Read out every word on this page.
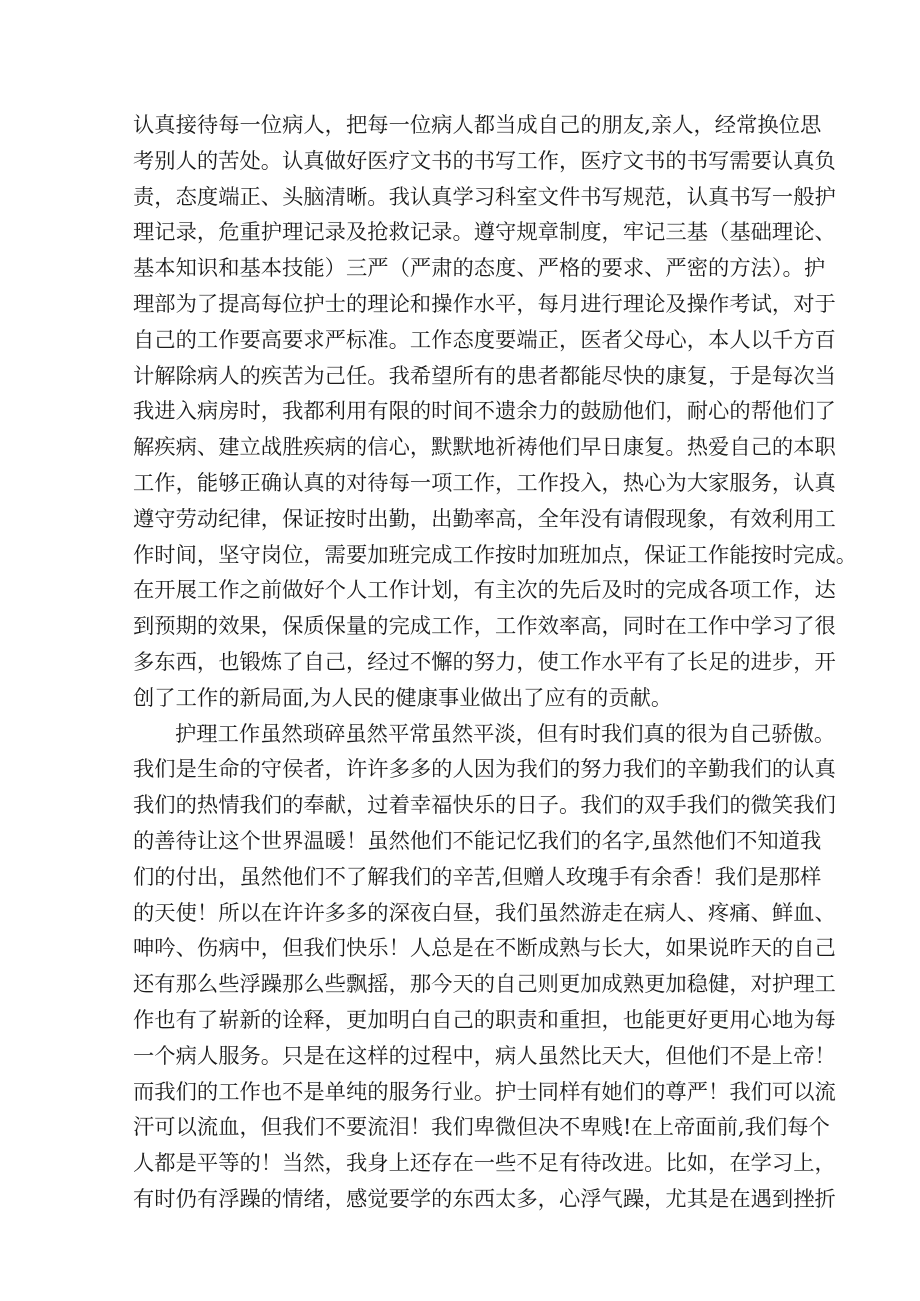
认真接待每一位病人，把每一位病人都当成自己的朋友,亲人，经常换位思
考别人的苦处。认真做好医疗文书的书写工作，医疗文书的书写需要认真负
责，态度端正、头脑清晰。我认真学习科室文件书写规范，认真书写一般护
理记录，危重护理记录及抢救记录。遵守规章制度，牢记三基（基础理论、
基本知识和基本技能）三严（严肃的态度、严格的要求、严密的方法）。护
理部为了提高每位护士的理论和操作水平，每月进行理论及操作考试，对于
自己的工作要高要求严标准。工作态度要端正，医者父母心，本人以千方百
计解除病人的疾苦为己任。我希望所有的患者都能尽快的康复，于是每次当
我进入病房时，我都利用有限的时间不遗余力的鼓励他们，耐心的帮他们了
解疾病、建立战胜疾病的信心，默默地祈祷他们早日康复。热爱自己的本职
工作，能够正确认真的对待每一项工作，工作投入，热心为大家服务，认真
遵守劳动纪律，保证按时出勤，出勤率高，全年没有请假现象，有效利用工
作时间，坚守岗位，需要加班完成工作按时加班加点，保证工作能按时完成。
在开展工作之前做好个人工作计划，有主次的先后及时的完成各项工作，达
到预期的效果，保质保量的完成工作，工作效率高，同时在工作中学习了很
多东西，也锻炼了自己，经过不懈的努力，使工作水平有了长足的进步，开
创了工作的新局面,为人民的健康事业做出了应有的贡献。
护理工作虽然琐碎虽然平常虽然平淡，但有时我们真的很为自己骄傲。
我们是生命的守侯者，许许多多的人因为我们的努力我们的辛勤我们的认真
我们的热情我们的奉献，过着幸福快乐的日子。我们的双手我们的微笑我们
的善待让这个世界温暖！虽然他们不能记忆我们的名字,虽然他们不知道我
们的付出，虽然他们不了解我们的辛苦,但赠人玫瑰手有余香！我们是那样
的天使！所以在许许多多的深夜白昼，我们虽然游走在病人、疼痛、鲜血、
呻吟、伤病中，但我们快乐！人总是在不断成熟与长大，如果说昨天的自己
还有那么些浮躁那么些飘摇，那今天的自己则更加成熟更加稳健，对护理工
作也有了崭新的诠释，更加明白自己的职责和重担，也能更好更用心地为每
一个病人服务。只是在这样的过程中，病人虽然比天大，但他们不是上帝！
而我们的工作也不是单纯的服务行业。护士同样有她们的尊严！我们可以流
汗可以流血，但我们不要流泪！我们卑微但决不卑贱!在上帝面前,我们每个
人都是平等的！当然，我身上还存在一些不足有待改进。比如，在学习上，
有时仍有浮躁的情绪，感觉要学的东西太多，心浮气躁，尤其是在遇到挫折
